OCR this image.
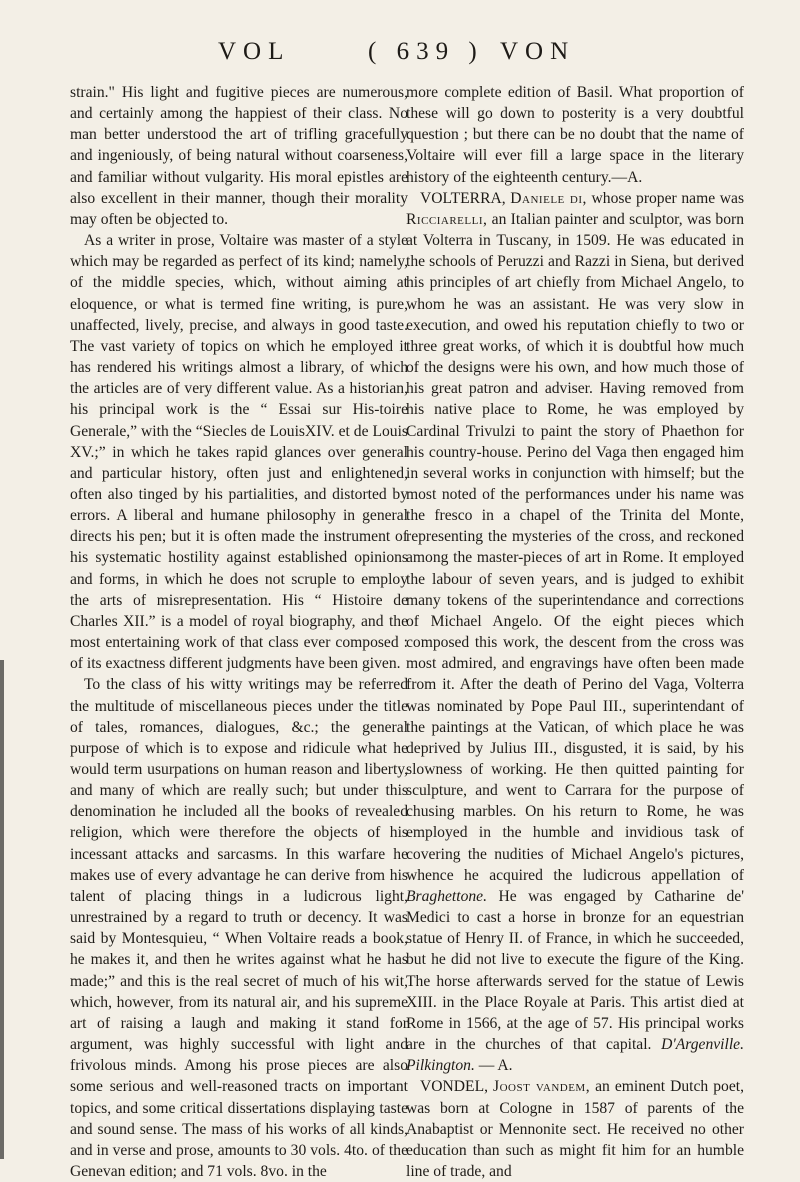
VOL	( 639 ) VON

strain." His light and fugitive pieces are numerous, and certainly among the happiest of their class. No man better understood the art of trifling gracefully and ingeniously, of being natural without coarseness, and familiar without vulgarity. His moral epistles are also excellent in their manner, though their morality may often be objected to.

As a writer in prose, Voltaire was master of a style which may be regarded as perfect of its kind; namely, of the middle species, which, without aiming at eloquence, or what is termed fine writing, is pure, unaffected, lively, precise, and always in good taste. The vast variety of topics on which he employed it has rendered his writings almost a library, of which the articles are of very different value. As a historian, his principal work is the “ Essai sur His-toire Generale,” with the “Siecles de LouisXIV. et de Louis XV.;” in which he takes rapid glances over general and particular history, often just and enlightened, often also tinged by his partialities, and distorted by errors. A liberal and humane philosophy in general directs his pen; but it is often made the instrument of his systematic hostility against established opinions and forms, in which he does not scruple to employ the arts of misrepresentation. His “ Histoire de Charles XII.” is a model of royal biography, and the most entertaining work of that class ever composed : of its exactness different judgments have been given.

To the class of his witty writings may be referred the multitude of miscellaneous pieces under the title of tales, romances, dialogues, &c.; the general purpose of which is to expose and ridicule what he would term usurpations on human reason and liberty, and many of which are really such; but under this denomination he included all the books of revealed religion, which were therefore the objects of his incessant attacks and sarcasms. In this warfare he makes use of every advantage he can derive from his talent of placing things in a ludicrous light, unrestrained by a regard to truth or decency. It was said by Montesquieu, “ When Voltaire reads a book, he makes it, and then he writes against what he has made;” and this is the real secret of much of his wit, which, however, from its natural air, and his supreme art of raising a laugh and making it stand for argument, was highly successful with light and frivolous minds. Among his prose pieces are also some serious and well-reasoned tracts on important topics, and some critical dissertations displaying taste and sound sense. The mass of his works of all kinds, and in verse and prose, amounts to 30 vols. 4to. of the Genevan edition; and 71 vols. 8vo. in the

more complete edition of Basil. What proportion of these will go down to posterity is a very doubtful question ; but there can be no doubt that the name of Voltaire will ever fill a large space in the literary history of the eighteenth century.—A.

VOLTERRA, Daniele di, whose proper name was Ricciarelli, an Italian painter and sculptor, was born at Volterra in Tuscany, in 1509. He was educated in the schools of Peruzzi and Razzi in Siena, but derived his principles of art chiefly from Michael Angelo, to whom he was an assistant. He was very slow in execution, and owed his reputation chiefly to two or three great works, of which it is doubtful how much of the designs were his own, and how much those of his great patron and adviser. Having removed from his native place to Rome, he was employed by Cardinal Trivulzi to paint the story of Phaethon for his country-house. Perino del Vaga then engaged him in several works in conjunction with himself; but the most noted of the performances under his name was the fresco in a chapel of the Trinita del Monte, representing the mysteries of the cross, and reckoned among the master-pieces of art in Rome. It employed the labour of seven years, and is judged to exhibit many tokens of the superintendance and corrections of Michael Angelo. Of the eight pieces which composed this work, the descent from the cross was most admired, and engravings have often been made from it. After the death of Perino del Vaga, Volterra was nominated by Pope Paul III., superintendant of the paintings at the Vatican, of which place he was deprived by Julius III., disgusted, it is said, by his slowness of working. He then quitted painting for sculpture, and went to Carrara for the purpose of chusing marbles. On his return to Rome, he was employed in the humble and invidious task of covering the nudities of Michael Angelo's pictures, whence he acquired the ludicrous appellation of Braghettone. He was engaged by Catharine de' Medici to cast a horse in bronze for an equestrian statue of Henry II. of France, in which he succeeded, but he did not live to execute the figure of the King. The horse afterwards served for the statue of Lewis XIII. in the Place Royale at Paris. This artist died at Rome in 1566, at the age of 57. His principal works are in the churches of that capital. D'Argenville. Pilkington. — A.

VONDEL, Joost vandem, an eminent Dutch poet, was born at Cologne in 1587 of parents of the Anabaptist or Mennonite sect. He received no other education than such as might fit him for an humble line of trade, and
